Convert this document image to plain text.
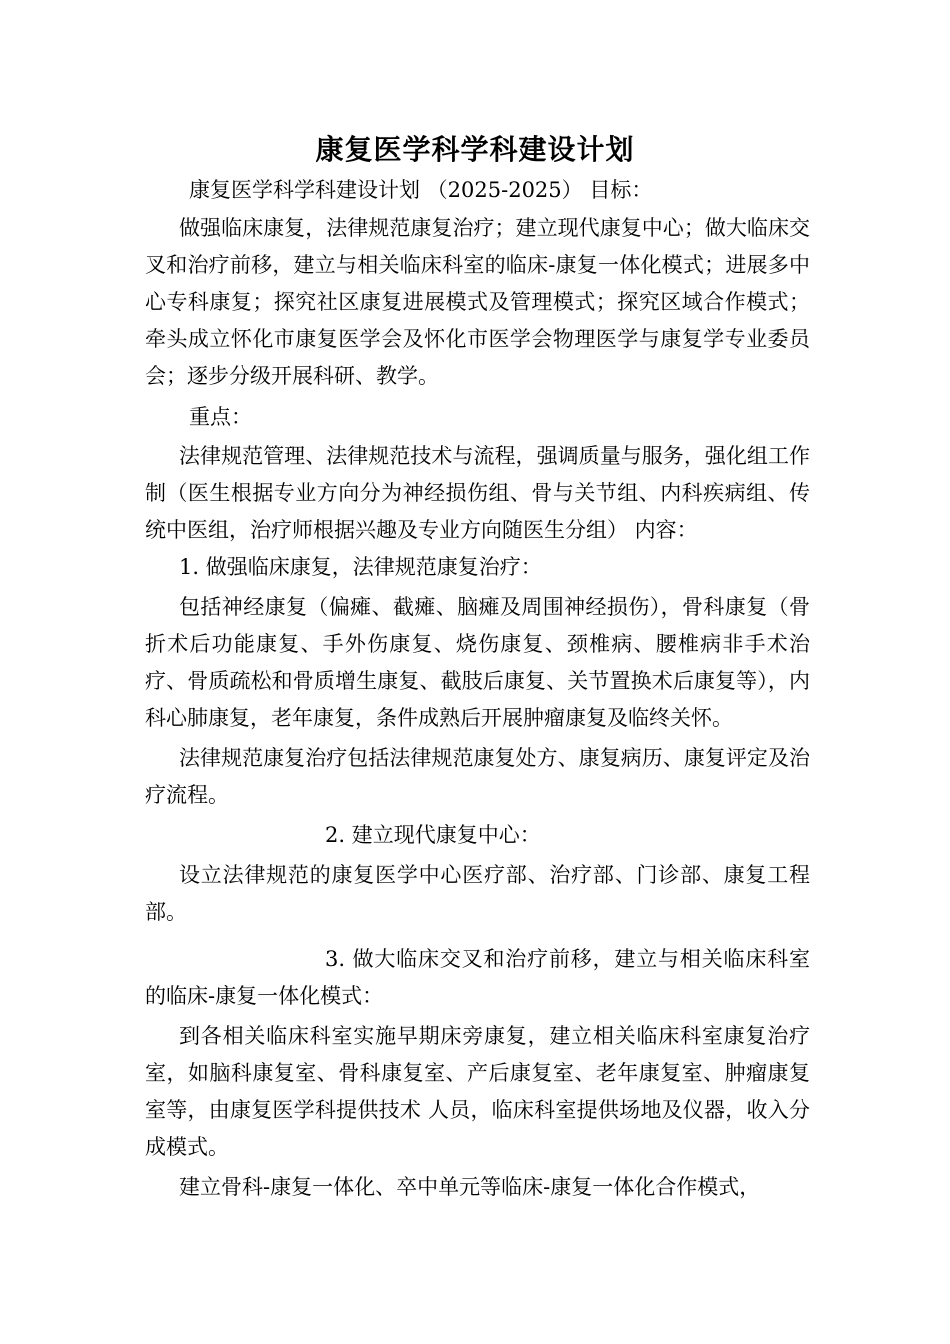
康复医学科学科建设计划

康复医学科学科建设计划 （2025-2025） 目标：

做强临床康复，法律规范康复治疗；建立现代康复中心；做大临床交叉和治疗前移，建立与相关临床科室的临床-康复一体化模式；进展多中心专科康复；探究社区康复进展模式及管理模式；探究区域合作模式；牵头成立怀化市康复医学会及怀化市医学会物理医学与康复学专业委员会；逐步分级开展科研、教学。

重点：

法律规范管理、法律规范技术与流程，强调质量与服务，强化组工作制（医生根据专业方向分为神经损伤组、骨与关节组、内科疾病组、传统中医组，治疗师根据兴趣及专业方向随医生分组） 内容：

1. 做强临床康复，法律规范康复治疗：

包括神经康复（偏瘫、截瘫、脑瘫及周围神经损伤），骨科康复（骨折术后功能康复、手外伤康复、烧伤康复、颈椎病、腰椎病非手术治疗、骨质疏松和骨质增生康复、截肢后康复、关节置换术后康复等），内科心肺康复，老年康复，条件成熟后开展肿瘤康复及临终关怀。

法律规范康复治疗包括法律规范康复处方、康复病历、康复评定及治疗流程。

2. 建立现代康复中心：

设立法律规范的康复医学中心医疗部、治疗部、门诊部、康复工程部。

3. 做大临床交叉和治疗前移，建立与相关临床科室的临床-康复一体化模式：

到各相关临床科室实施早期床旁康复，建立相关临床科室康复治疗室，如脑科康复室、骨科康复室、产后康复室、老年康复室、肿瘤康复室等，由康复医学科提供技术 人员，临床科室提供场地及仪器，收入分成模式。

建立骨科-康复一体化、卒中单元等临床-康复一体化合作模式，
